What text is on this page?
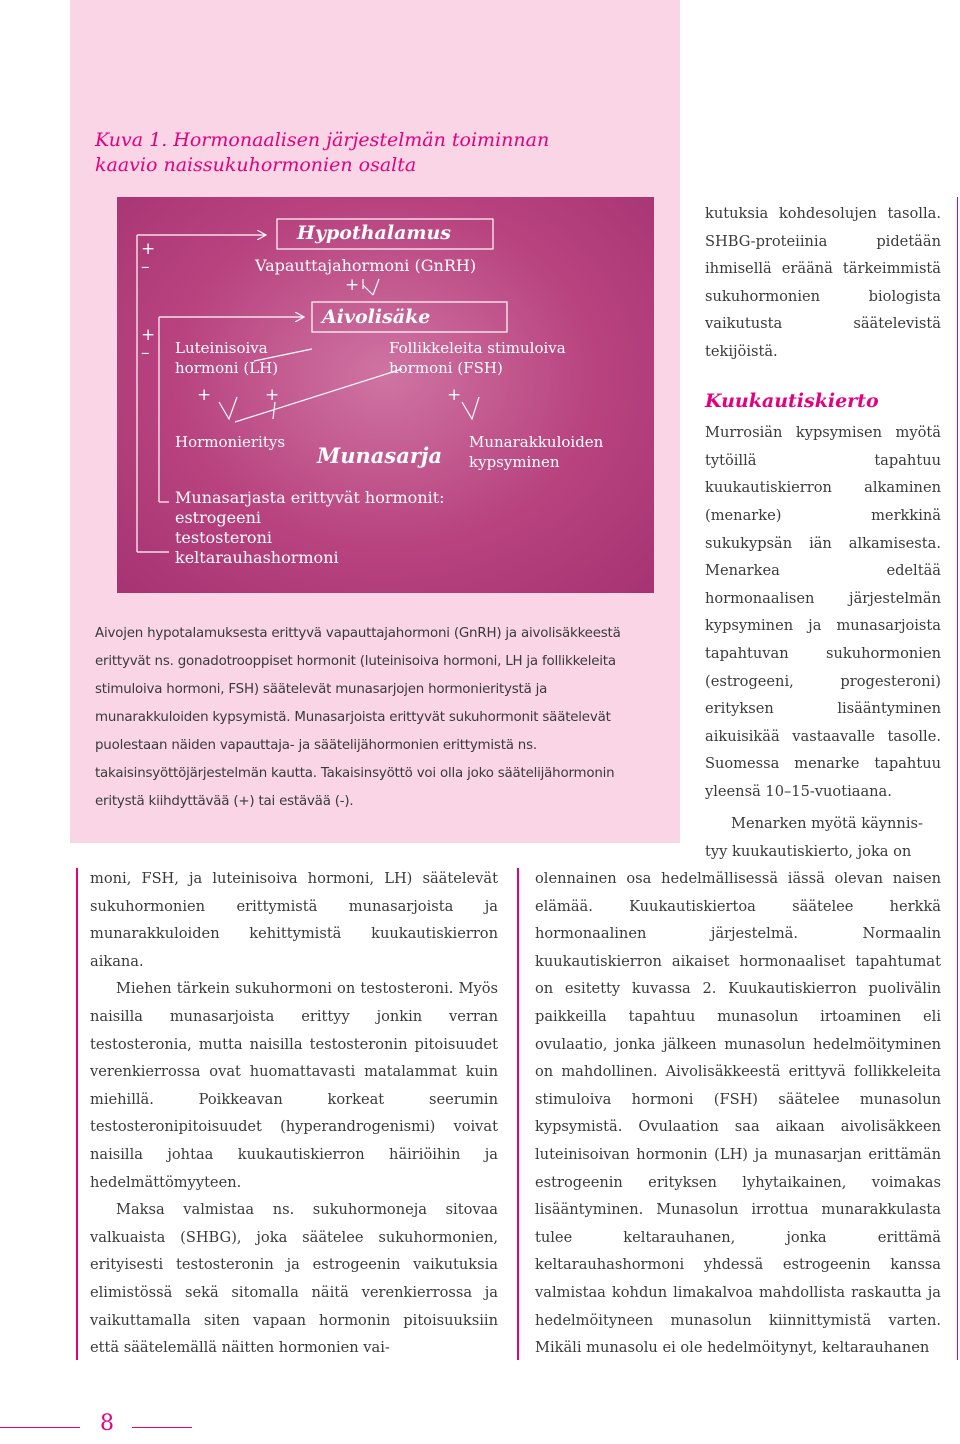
Kuva 1. Hormonaalisen järjestelmän toiminnan kaavio naissukuhormonien osalta
Hypothalamus
Vapauttajahormoni (GnRH)
+
Aivolisäke
+
–
+
– Luteinisoiva
hormoni (LH)
Follikkeleita stimuloiva
hormoni (FSH)
+	+	+
Hormonieritys
Munasarja
Munarakkuloiden
kypsyminen
Munasarjasta erittyvät hormonit:
estrogeeni
testosteroni
keltarauhashormoni
Aivojen hypotalamuksesta erittyvä vapauttajahormoni (GnRH) ja aivolisäkkeestä erittyvät ns. gonadotrooppiset hormonit (luteinisoiva hormoni, LH ja follikkeleita stimuloiva hormoni, FSH) säätelevät munasarjojen hormonieritystä ja munarakkuloiden kypsymistä. Munasarjoista erittyvät sukuhormonit säätelevät puolestaan näiden vapauttaja- ja säätelijähormonien erittymistä ns. takaisinsyöttöjärjestelmän kautta. Takaisinsyöttö voi olla joko säätelijähormonin eritystä kiihdyttävää (+) tai estävää (-).

kutuksia kohdesolujen tasolla. SHBG-proteiinia pidetään ihmisellä eräänä tärkeimmistä sukuhormonien biologista vaikutusta säätelevistä tekijöistä.

Kuukautiskierto

Murrosiän kypsymisen myötä tytöillä tapahtuu kuukautiskierron alkaminen (menarke) merkkinä sukukypsän iän alkamisesta. Menarkea edeltää hormonaalisen järjestelmän kypsyminen ja munasarjoista tapahtuvan sukuhormonien (estrogeeni, progesteroni) erityksen lisääntyminen aikuisikää vastaavalle tasolle. Suomessa menarke tapahtuu yleensä 10–15-vuotiaana.

Menarken myötä käynnis-
tyy kuukautiskierto, joka on

moni, FSH, ja luteinisoiva hormoni, LH) säätelevät sukuhormonien erittymistä munasarjoista ja munarakkuloiden kehittymistä kuukautiskierron aikana.

Miehen tärkein sukuhormoni on testosteroni. Myös naisilla munasarjoista erittyy jonkin verran testosteronia, mutta naisilla testosteronin pitoisuudet verenkierrossa ovat huomattavasti matalammat kuin miehillä. Poikkeavan korkeat seerumin testosteronipitoisuudet (hyperandrogenismi) voivat naisilla johtaa kuukautiskierron häiriöihin ja hedelmättömyyteen.

Maksa valmistaa ns. sukuhormoneja sitovaa valkuaista (SHBG), joka säätelee sukuhormonien, erityisesti testosteronin ja estrogeenin vaikutuksia elimistössä sekä sitomalla näitä verenkierrossa ja vaikuttamalla siten vapaan hormonin pitoisuuksiin että säätelemällä näitten hormonien vai-

olennainen osa hedelmällisessä iässä olevan naisen elämää. Kuukautiskiertoa säätelee herkkä hormonaalinen järjestelmä. Normaalin kuukautiskierron aikaiset hormonaaliset tapahtumat on esitetty kuvassa 2. Kuukautiskierron puolivälin paikkeilla tapahtuu munasolun irtoaminen eli ovulaatio, jonka jälkeen munasolun hedelmöityminen on mahdollinen. Aivolisäkkeestä erittyvä follikkeleita stimuloiva hormoni (FSH) säätelee munasolun kypsymistä. Ovulaation saa aikaan aivolisäkkeen luteinisoivan hormonin (LH) ja munasarjan erittämän estrogeenin erityksen lyhytaikainen, voimakas lisääntyminen. Munasolun irrottua munarakkulasta tulee keltarauhanen, jonka erittämä keltarauhashormoni yhdessä estrogeenin kanssa valmistaa kohdun limakalvoa mahdollista raskautta ja hedelmöityneen munasolun kiinnittymistä varten. Mikäli munasolu ei ole hedelmöitynyt, keltarauhanen

8
